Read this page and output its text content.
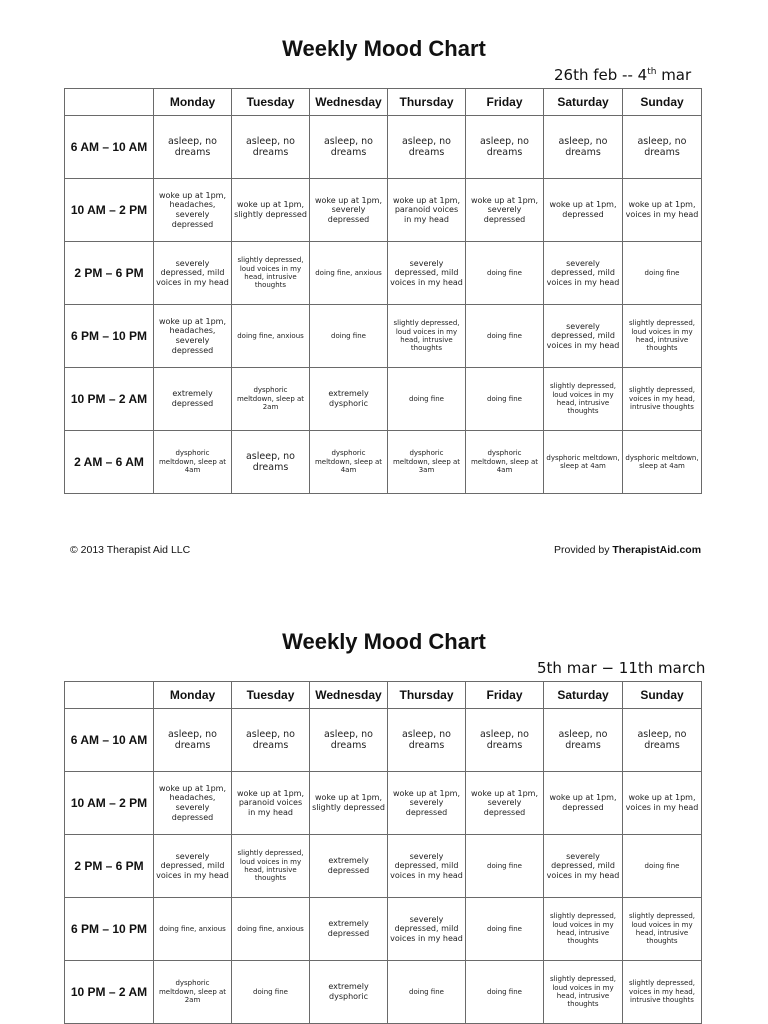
Weekly Mood Chart
26th feb -- 4th mar
	Monday	Tuesday	Wednesday	Thursday	Friday	Saturday	Sunday
6 AM – 10 AM	asleep, no dreams	asleep, no dreams	asleep, no dreams	asleep, no dreams	asleep, no dreams	asleep, no dreams	asleep, no dreams
10 AM – 2 PM	woke up at 1pm, headaches, severely depressed	woke up at 1pm, slightly depressed	woke up at 1pm, severely depressed	woke up at 1pm, paranoid voices in my head	woke up at 1pm, severely depressed	woke up at 1pm, depressed	woke up at 1pm, voices in my head
2 PM – 6 PM	severely depressed, mild voices in my head	slightly depressed, loud voices in my head, intrusive thoughts	doing fine, anxious	severely depressed, mild voices in my head	doing fine	severely depressed, mild voices in my head	doing fine
6 PM – 10 PM	woke up at 1pm, headaches, severely depressed	doing fine, anxious	doing fine	slightly depressed, loud voices in my head, intrusive thoughts	doing fine	severely depressed, mild voices in my head	slightly depressed, loud voices in my head, intrusive thoughts
10 PM – 2 AM	extremely depressed	dysphoric meltdown, sleep at 2am	extremely dysphoric	doing fine	doing fine	slightly depressed, loud voices in my head, intrusive thoughts	slightly depressed, voices in my head, intrusive thoughts
2 AM – 6 AM	dysphoric meltdown, sleep at 4am	asleep, no dreams	dysphoric meltdown, sleep at 4am	dysphoric meltdown, sleep at 3am	dysphoric meltdown, sleep at 4am	dysphoric meltdown, sleep at 4am	dysphoric meltdown, sleep at 4am
© 2013 Therapist Aid LLC	Provided by TherapistAid.com
Weekly Mood Chart
5th mar − 11th march
	Monday	Tuesday	Wednesday	Thursday	Friday	Saturday	Sunday
6 AM – 10 AM	asleep, no dreams	asleep, no dreams	asleep, no dreams	asleep, no dreams	asleep, no dreams	asleep, no dreams	asleep, no dreams
10 AM – 2 PM	woke up at 1pm, headaches, severely depressed	woke up at 1pm, paranoid voices in my head	woke up at 1pm, slightly depressed	woke up at 1pm, severely depressed	woke up at 1pm, severely depressed	woke up at 1pm, depressed	woke up at 1pm, voices in my head
2 PM – 6 PM	severely depressed, mild voices in my head	slightly depressed, loud voices in my head, intrusive thoughts	extremely depressed	severely depressed, mild voices in my head	doing fine	severely depressed, mild voices in my head	doing fine
6 PM – 10 PM	doing fine, anxious	doing fine, anxious	extremely depressed	severely depressed, mild voices in my head	doing fine	slightly depressed, loud voices in my head, intrusive thoughts	slightly depressed, loud voices in my head, intrusive thoughts
10 PM – 2 AM	dysphoric meltdown, sleep at 2am	doing fine	extremely dysphoric	doing fine	doing fine	slightly depressed, loud voices in my head, intrusive thoughts	slightly depressed, voices in my head, intrusive thoughts
